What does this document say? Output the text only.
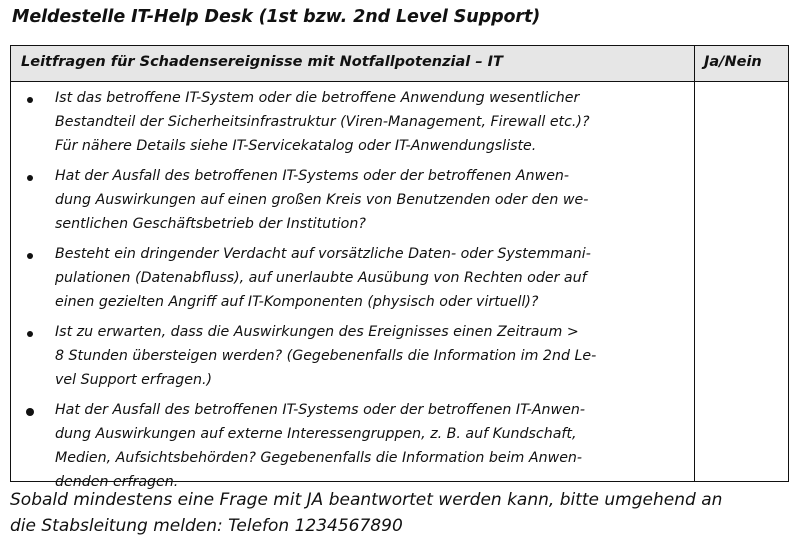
Meldestelle IT-Help Desk (1st bzw. 2nd Level Support)
Leitfragen für Schadensereignisse mit Notfallpotenzial – IT	Ja/Nein
Ist das betroffene IT-System oder die betroffene Anwendung wesentlicher
Bestandteil der Sicherheitsinfrastruktur (Viren-Management, Firewall etc.)?
Für nähere Details siehe IT-Servicekatalog oder IT-Anwendungsliste.
Hat der Ausfall des betroffenen IT-Systems oder der betroffenen Anwen-
dung Auswirkungen auf einen großen Kreis von Benutzenden oder den we-
sentlichen Geschäftsbetrieb der Institution?
Besteht ein dringender Verdacht auf vorsätzliche Daten- oder Systemmani-
pulationen (Datenabfluss), auf unerlaubte Ausübung von Rechten oder auf
einen gezielten Angriff auf IT-Komponenten (physisch oder virtuell)?
Ist zu erwarten, dass die Auswirkungen des Ereignisses einen Zeitraum >
8 Stunden übersteigen werden? (Gegebenenfalls die Information im 2nd Le-
vel Support erfragen.)
Hat der Ausfall des betroffenen IT-Systems oder der betroffenen IT-Anwen-
dung Auswirkungen auf externe Interessengruppen, z. B. auf Kundschaft,
Medien, Aufsichtsbehörden? Gegebenenfalls die Information beim Anwen-
denden erfragen.
Sobald mindestens eine Frage mit JA beantwortet werden kann, bitte umgehend an
die Stabsleitung melden: Telefon 1234567890
